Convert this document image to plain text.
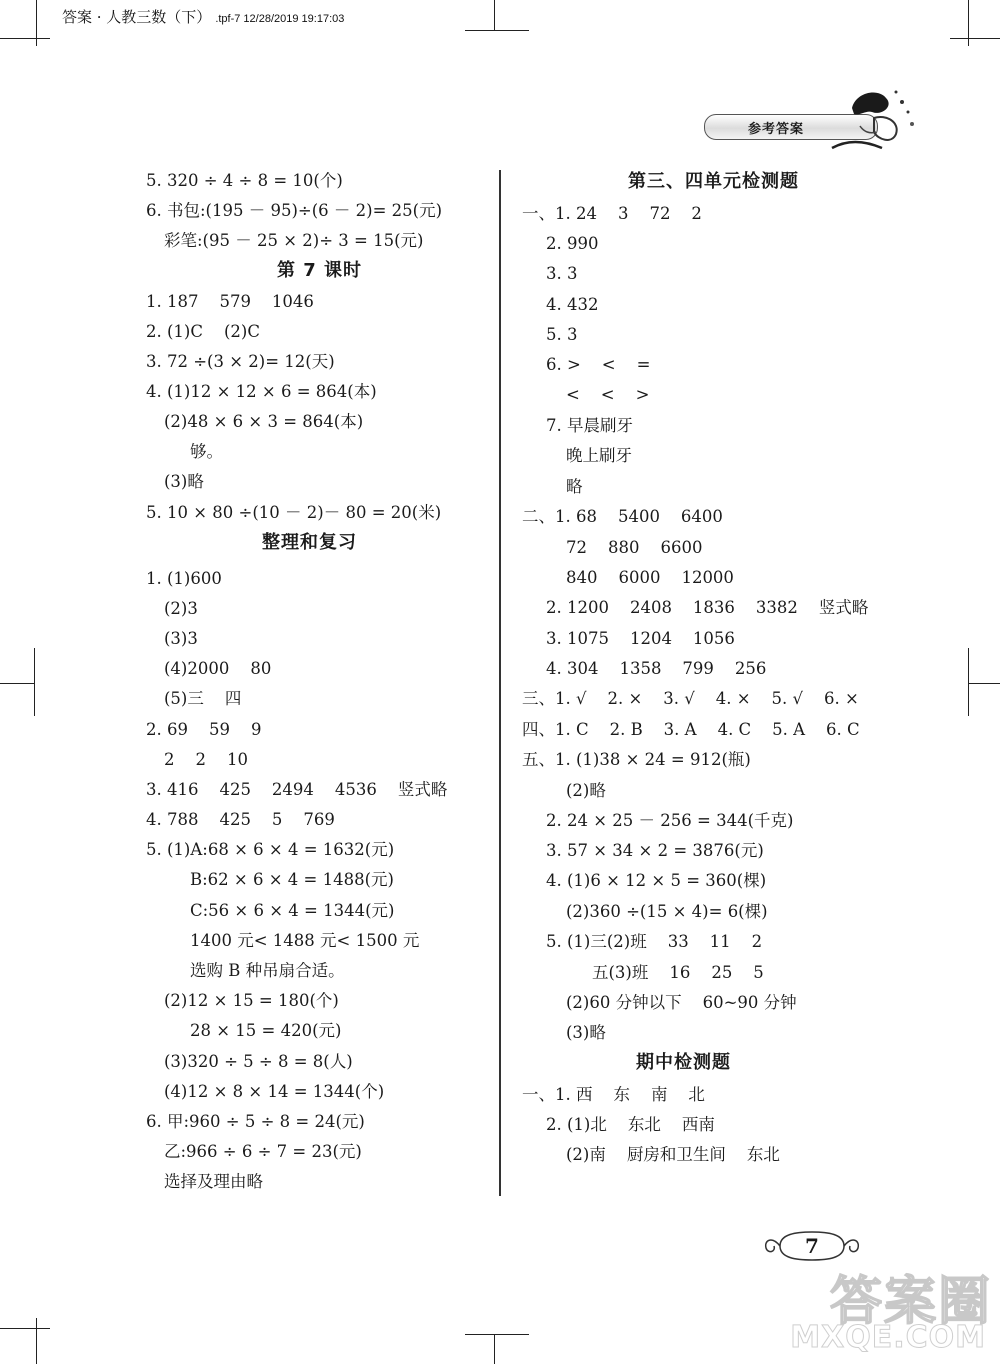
答案 · 人教三数（下） .tpf-7 12/28/2019 19:17:03
参考答案
5. 320 ÷ 4 ÷ 8 = 10(个)
6. 书包:(195 － 95)÷(6 － 2)= 25(元)
彩笔:(95 － 25 × 2)÷ 3 = 15(元)
第 7 课时
1. 187    579    1046
2. (1)C    (2)C
3. 72 ÷(3 × 2)= 12(天)
4. (1)12 × 12 × 6 = 864(本)
(2)48 × 6 × 3 = 864(本)
够。
(3)略
5. 10 × 80 ÷(10 － 2)－ 80 = 20(米)
整理和复习
1. (1)600
(2)3
(3)3
(4)2000    80
(5)三    四
2. 69    59    9
2    2    10
3. 416    425    2494    4536    竖式略
4. 788    425    5    769
5. (1)A:68 × 6 × 4 = 1632(元)
B:62 × 6 × 4 = 1488(元)
C:56 × 6 × 4 = 1344(元)
1400 元< 1488 元< 1500 元
选购 B 种吊扇合适。
(2)12 × 15 = 180(个)
28 × 15 = 420(元)
(3)320 ÷ 5 ÷ 8 = 8(人)
(4)12 × 8 × 14 = 1344(个)
6. 甲:960 ÷ 5 ÷ 8 = 24(元)
乙:966 ÷ 6 ÷ 7 = 23(元)
选择及理由略
第三、四单元检测题
一、1. 24    3    72    2
2. 990
3. 3
4. 432
5. 3
6. >    <    =
<    <    >
7. 早晨刷牙
晚上刷牙
略
二、1. 68    5400    6400
72    880    6600
840    6000    12000
2. 1200    2408    1836    3382    竖式略
3. 1075    1204    1056
4. 304    1358    799    256
三、1. √    2. ×    3. √    4. ×    5. √    6. ×
四、1. C    2. B    3. A    4. C    5. A    6. C
五、1. (1)38 × 24 = 912(瓶)
(2)略
2. 24 × 25 － 256 = 344(千克)
3. 57 × 34 × 2 = 3876(元)
4. (1)6 × 12 × 5 = 360(棵)
(2)360 ÷(15 × 4)= 6(棵)
5. (1)三(2)班    33    11    2
五(3)班    16    25    5
(2)60 分钟以下    60~90 分钟
(3)略
期中检测题
一、1. 西    东    南    北
2. (1)北    东北    西南
(2)南    厨房和卫生间    东北
7
答案圈
MXQE.COM
